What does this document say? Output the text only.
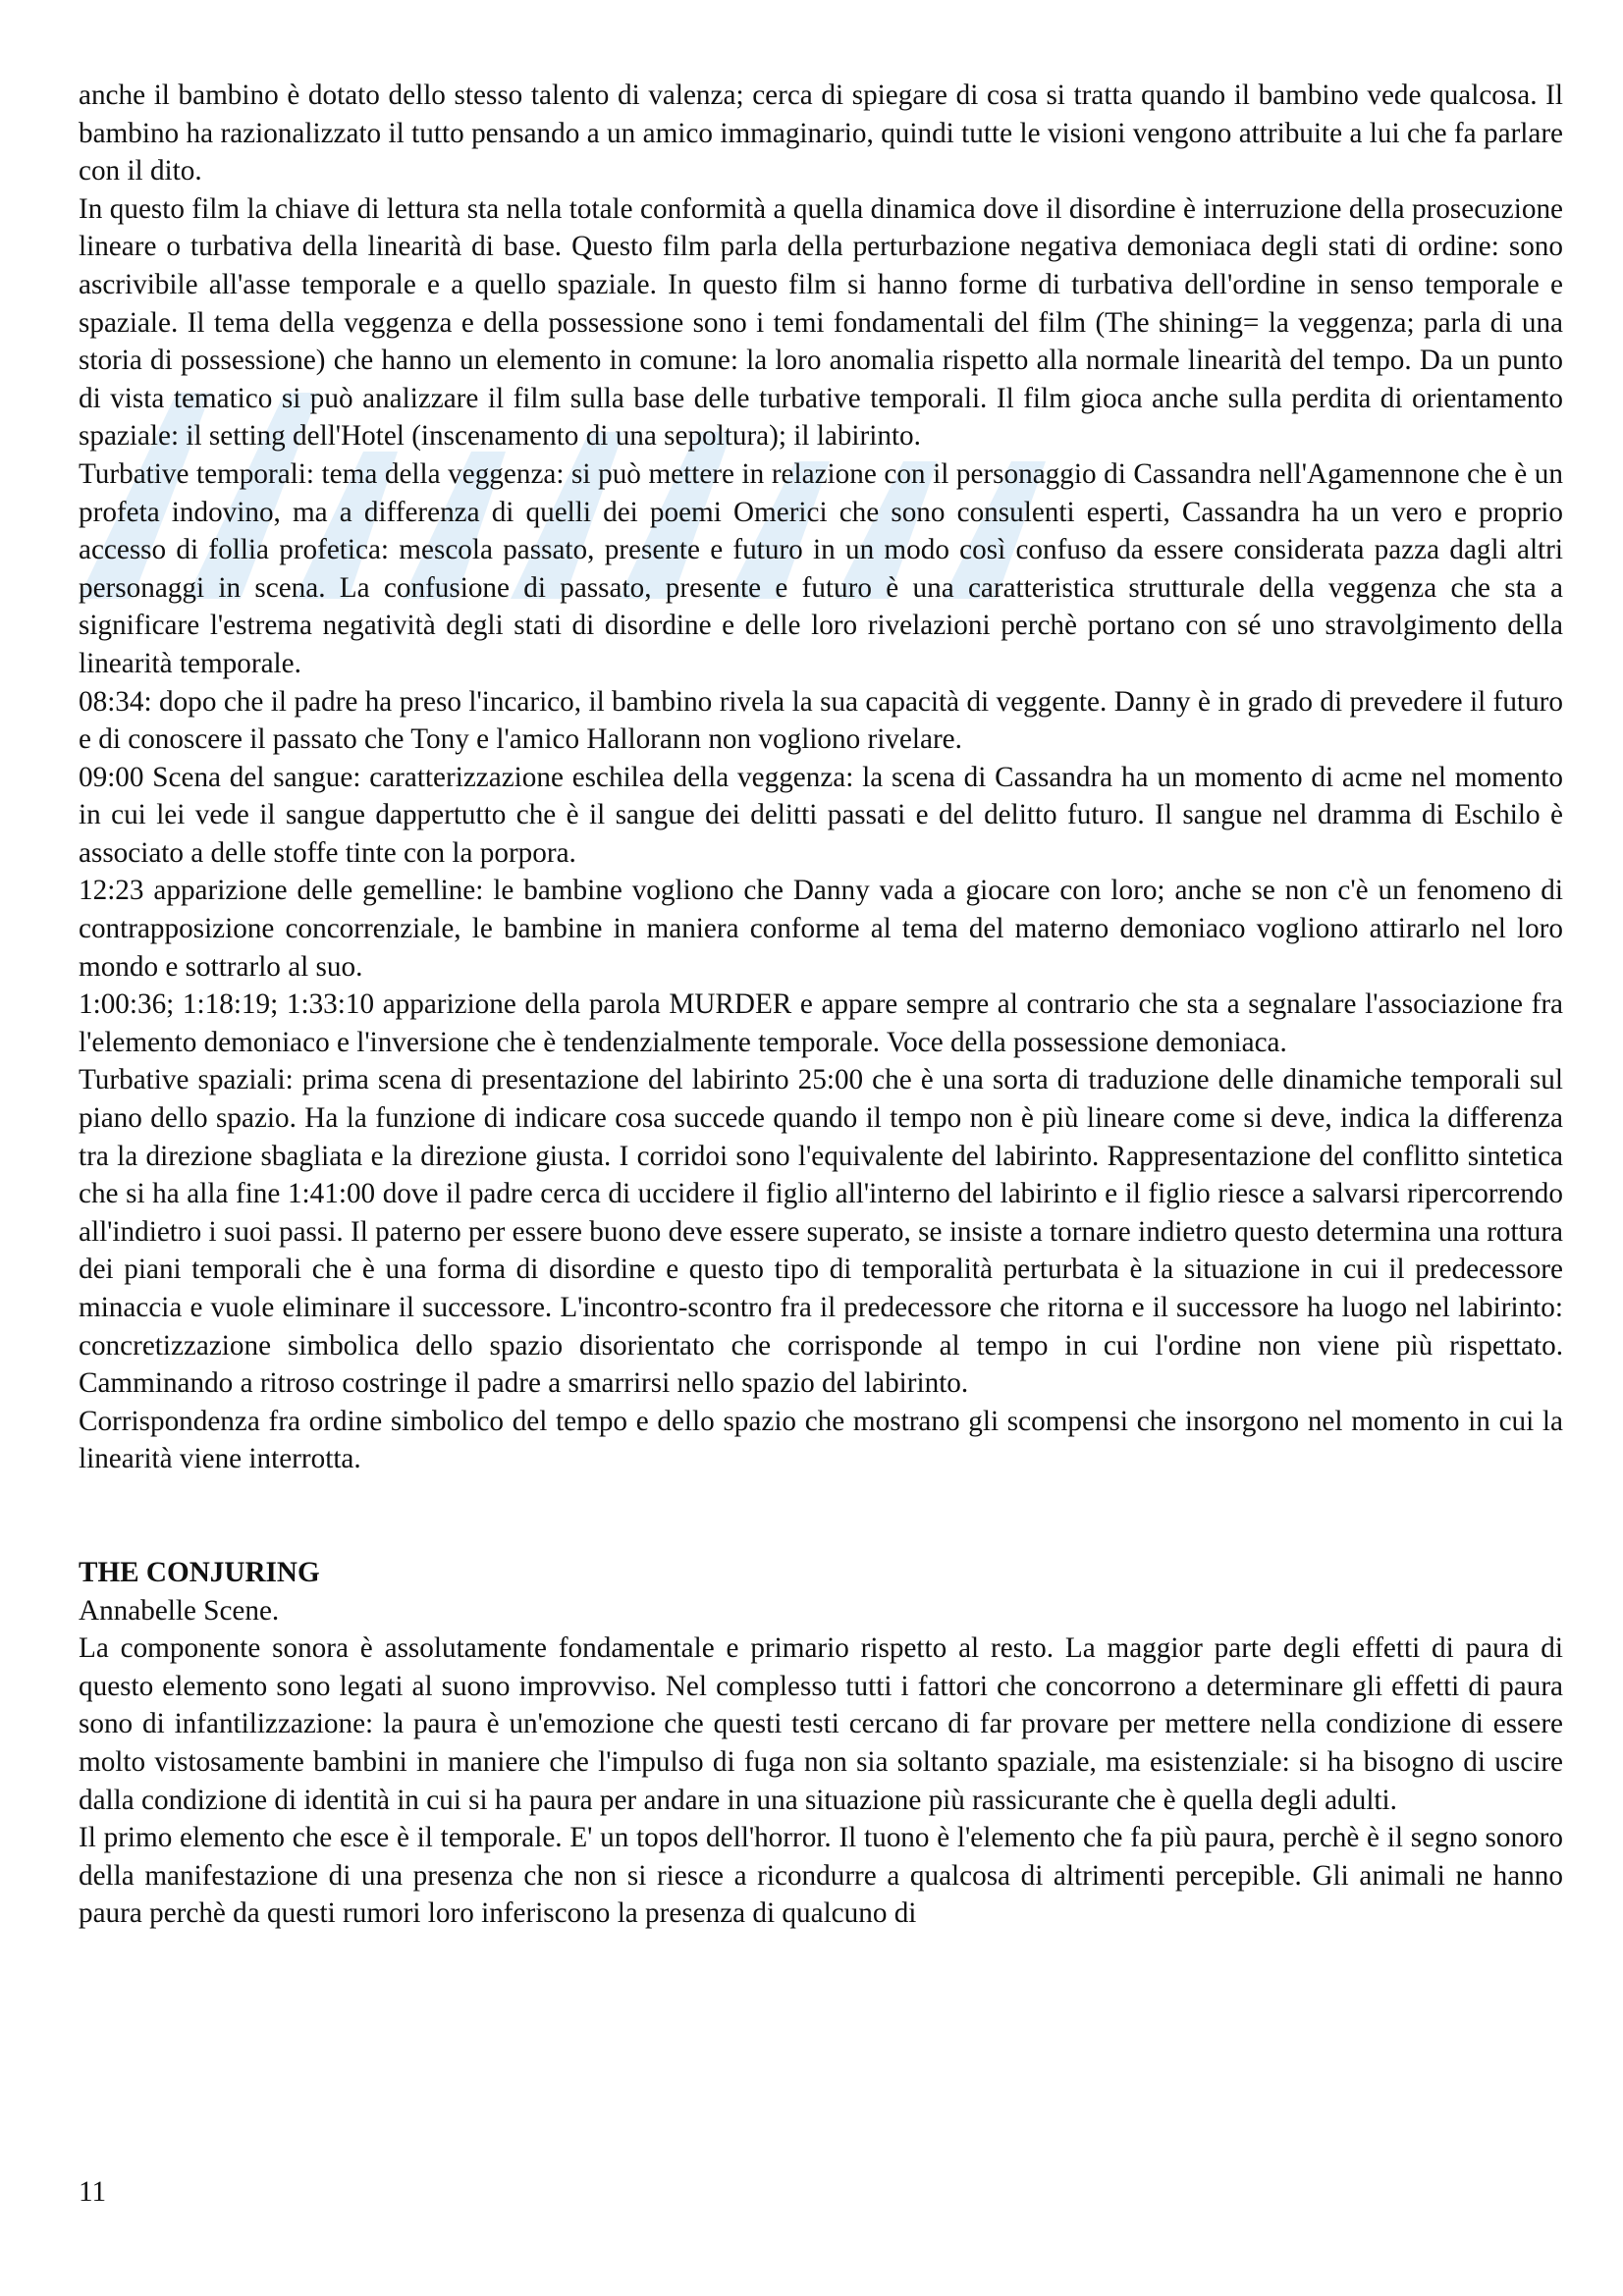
anche il bambino è dotato dello stesso talento di valenza; cerca di spiegare di cosa si tratta quando il bambino vede qualcosa. Il bambino ha razionalizzato il tutto pensando a un amico immaginario, quindi tutte le visioni vengono attribuite a lui che fa parlare con il dito.

In questo film la chiave di lettura sta nella totale conformità a quella dinamica dove il disordine è interruzione della prosecuzione lineare o turbativa della linearità di base. Questo film parla della perturbazione negativa demoniaca degli stati di ordine: sono ascrivibile all'asse temporale e a quello spaziale. In questo film si hanno forme di turbativa dell'ordine in senso temporale e spaziale. Il tema della veggenza e della possessione sono i temi fondamentali del film (The shining= la veggenza; parla di una storia di possessione) che hanno un elemento in comune: la loro anomalia rispetto alla normale linearità del tempo. Da un punto di vista tematico si può analizzare il film sulla base delle turbative temporali. Il film gioca anche sulla perdita di orientamento spaziale: il setting dell'Hotel (inscenamento di una sepoltura); il labirinto.

Turbative temporali: tema della veggenza: si può mettere in relazione con il personaggio di Cassandra nell'Agamennone che è un profeta indovino, ma a differenza di quelli dei poemi Omerici che sono consulenti esperti, Cassandra ha un vero e proprio accesso di follia profetica: mescola passato, presente e futuro in un modo così confuso da essere considerata pazza dagli altri personaggi in scena. La confusione di passato, presente e futuro è una caratteristica strutturale della veggenza che sta a significare l'estrema negatività degli stati di disordine e delle loro rivelazioni perchè portano con sé uno stravolgimento della linearità temporale.

08:34: dopo che il padre ha preso l'incarico, il bambino rivela la sua capacità di veggente. Danny è in grado di prevedere il futuro e di conoscere il passato che Tony e l'amico Hallorann non vogliono rivelare.

09:00 Scena del sangue: caratterizzazione eschilea della veggenza: la scena di Cassandra ha un momento di acme nel momento in cui lei vede il sangue dappertutto che è il sangue dei delitti passati e del delitto futuro. Il sangue nel dramma di Eschilo è associato a delle stoffe tinte con la porpora.

12:23 apparizione delle gemelline: le bambine vogliono che Danny vada a giocare con loro; anche se non c'è un fenomeno di contrapposizione concorrenziale, le bambine in maniera conforme al tema del materno demoniaco vogliono attirarlo nel loro mondo e sottrarlo al suo.

1:00:36; 1:18:19; 1:33:10 apparizione della parola MURDER e appare sempre al contrario che sta a segnalare l'associazione fra l'elemento demoniaco e l'inversione che è tendenzialmente temporale. Voce della possessione demoniaca.

Turbative spaziali: prima scena di presentazione del labirinto 25:00 che è una sorta di traduzione delle dinamiche temporali sul piano dello spazio. Ha la funzione di indicare cosa succede quando il tempo non è più lineare come si deve, indica la differenza tra la direzione sbagliata e la direzione giusta. I corridoi sono l'equivalente del labirinto. Rappresentazione del conflitto sintetica che si ha alla fine 1:41:00 dove il padre cerca di uccidere il figlio all'interno del labirinto e il figlio riesce a salvarsi ripercorrendo all'indietro i suoi passi. Il paterno per essere buono deve essere superato, se insiste a tornare indietro questo determina una rottura dei piani temporali che è una forma di disordine e questo tipo di temporalità perturbata è la situazione in cui il predecessore minaccia e vuole eliminare il successore. L'incontro-scontro fra il predecessore che ritorna e il successore ha luogo nel labirinto: concretizzazione simbolica dello spazio disorientato che corrisponde al tempo in cui l'ordine non viene più rispettato. Camminando a ritroso costringe il padre a smarrirsi nello spazio del labirinto.

Corrispondenza fra ordine simbolico del tempo e dello spazio che mostrano gli scompensi che insorgono nel momento in cui la linearità viene interrotta.

THE CONJURING

Annabelle Scene.

La componente sonora è assolutamente fondamentale e primario rispetto al resto. La maggior parte degli effetti di paura di questo elemento sono legati al suono improvviso. Nel complesso tutti i fattori che concorrono a determinare gli effetti di paura sono di infantilizzazione: la paura è un'emozione che questi testi cercano di far provare per mettere nella condizione di essere molto vistosamente bambini in maniere che l'impulso di fuga non sia soltanto spaziale, ma esistenziale: si ha bisogno di uscire dalla condizione di identità in cui si ha paura per andare in una situazione più rassicurante che è quella degli adulti.

Il primo elemento che esce è il temporale. E' un topos dell'horror. Il tuono è l'elemento che fa più paura, perchè è il segno sonoro della manifestazione di una presenza che non si riesce a ricondurre a qualcosa di altrimenti percepible. Gli animali ne hanno paura perchè da questi rumori loro inferiscono la presenza di qualcuno di

11
